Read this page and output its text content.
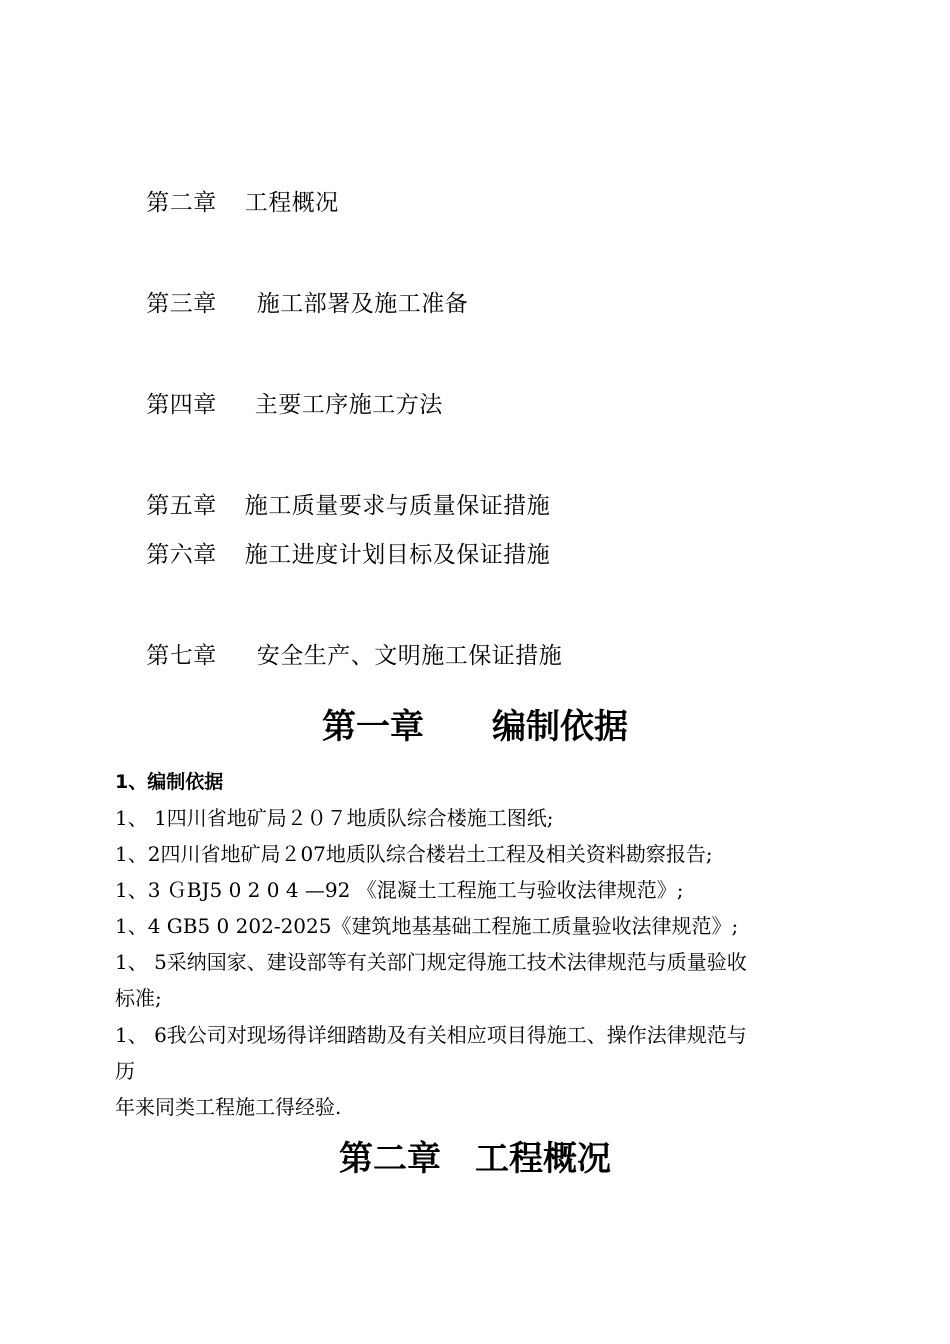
第二章 工程概况

第三章 施工部署及施工准备

第四章 主要工序施工方法

第五章 施工质量要求与质量保证措施

第六章 施工进度计划目标及保证措施

第七章 安全生产、文明施工保证措施

第一章　　编制依据
1、编制依据
1、 1四川省地矿局２０７地质队综合楼施工图纸;
1、2四川省地矿局２07地质队综合楼岩土工程及相关资料勘察报告;
1、3 ＧBJ5 0 2 0 4 —92 《混凝土工程施工与验收法律规范》;
1、4 GB5 0 202-2025《建筑地基基础工程施工质量验收法律规范》;
1、 5采纳国家、建设部等有关部门规定得施工技术法律规范与质量验收
标准;
1、 6我公司对现场得详细踏勘及有关相应项目得施工、操作法律规范与
历
年来同类工程施工得经验.
第二章　工程概况
